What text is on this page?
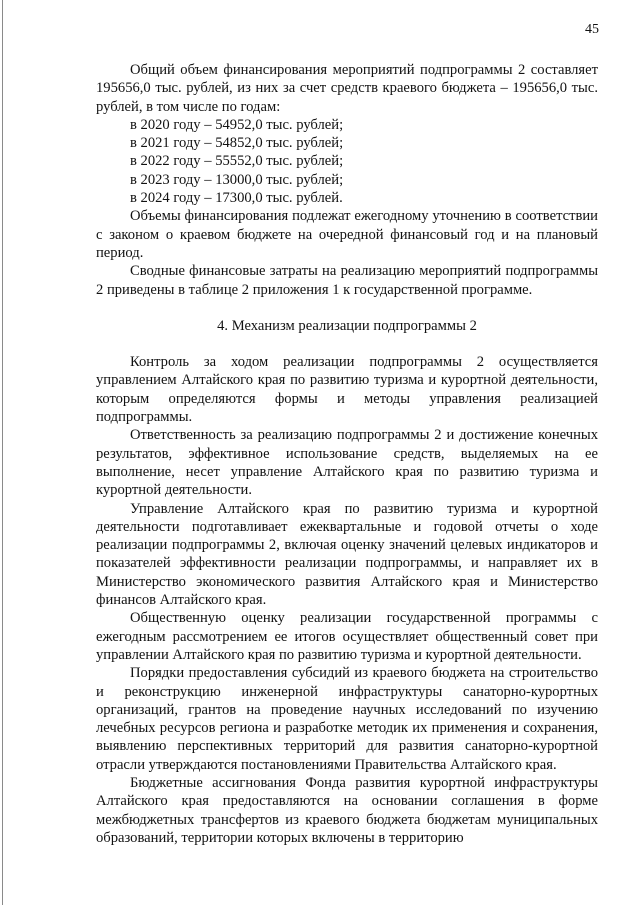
45

Общий объем финансирования мероприятий подпрограммы 2 составляет 195656,0 тыс. рублей, из них за счет средств краевого бюджета – 195656,0 тыс. рублей, в том числе по годам:

в 2020 году – 54952,0 тыс. рублей;

в 2021 году – 54852,0 тыс. рублей;

в 2022 году – 55552,0 тыс. рублей;

в 2023 году – 13000,0 тыс. рублей;

в 2024 году – 17300,0 тыс. рублей.

Объемы финансирования подлежат ежегодному уточнению в соответствии с законом о краевом бюджете на очередной финансовый год и на плановый период.

Сводные финансовые затраты на реализацию мероприятий подпрограммы 2 приведены в таблице 2 приложения 1 к государственной программе.

4. Механизм реализации подпрограммы 2

Контроль за ходом реализации подпрограммы 2 осуществляется управлением Алтайского края по развитию туризма и курортной деятельности, которым определяются формы и методы управления реализацией подпрограммы.

Ответственность за реализацию подпрограммы 2 и достижение конечных результатов, эффективное использование средств, выделяемых на ее выполнение, несет управление Алтайского края по развитию туризма и курортной деятельности.

Управление Алтайского края по развитию туризма и курортной деятельности подготавливает ежеквартальные и годовой отчеты о ходе реализации подпрограммы 2, включая оценку значений целевых индикаторов и показателей эффективности реализации подпрограммы, и направляет их в Министерство экономического развития Алтайского края и Министерство финансов Алтайского края.

Общественную оценку реализации государственной программы с ежегодным рассмотрением ее итогов осуществляет общественный совет при управлении Алтайского края по развитию туризма и курортной деятельности.

Порядки предоставления субсидий из краевого бюджета на строительство и реконструкцию инженерной инфраструктуры санаторно-курортных организаций, грантов на проведение научных исследований по изучению лечебных ресурсов региона и разработке методик их применения и сохранения, выявлению перспективных территорий для развития санаторно-курортной отрасли утверждаются постановлениями Правительства Алтайского края.

Бюджетные ассигнования Фонда развития курортной инфраструктуры Алтайского края предоставляются на основании соглашения в форме межбюджетных трансфертов из краевого бюджета бюджетам муниципальных образований, территории которых включены в территорию
